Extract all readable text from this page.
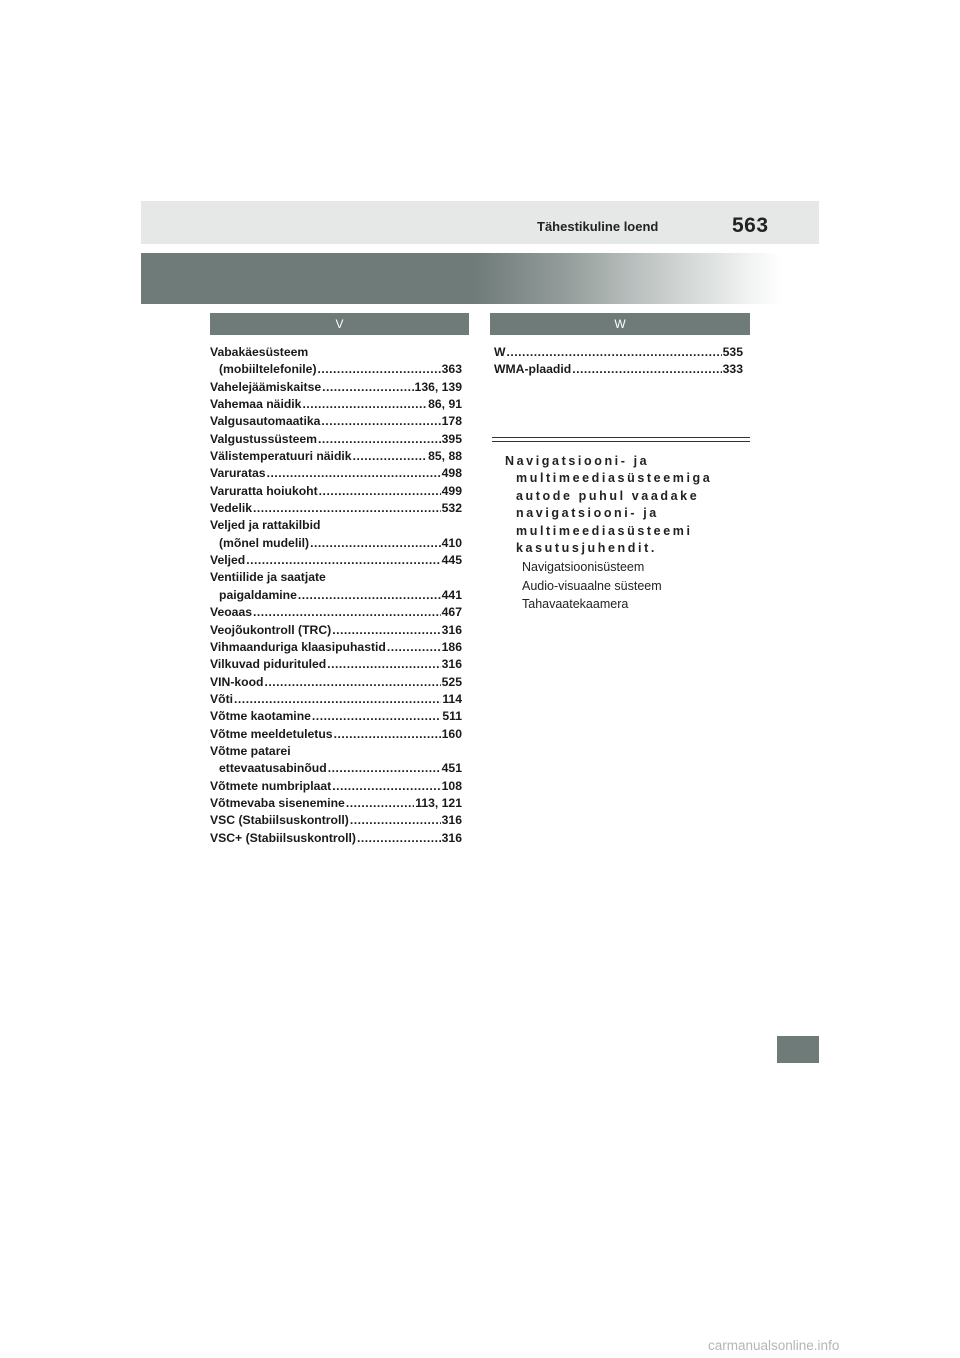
Tähestikuline loend	563
V	W
Vabakäesüsteem
(mobiiltelefonile) .....	363
Vahelejäämiskaitse .....	136, 139
Vahemaa näidik .....	86, 91
Valgusautomaatika .....	178
Valgustussüsteem .....	395
Välistemperatuuri näidik .....	85, 88
Varuratas .....	498
Varuratta hoiukoht .....	499
Vedelik .....	532
Veljed ja rattakilbid
(mõnel mudelil) .....	410
Veljed .....	445
Ventiilide ja saatjate
paigaldamine .....	441
Veoaas .....	467
Veojõukontroll (TRC) .....	316
Vihmaanduriga klaasipuhastid .....	186
Vilkuvad pidurituled .....	316
VIN-kood .....	525
Võti .....	114
Võtme kaotamine .....	511
Võtme meeldetuletus .....	160
Võtme patarei
ettevaatusabinõud .....	451
Võtmete numbriplaat .....	108
Võtmevaba sisenemine .....	113, 121
VSC (Stabiilsuskontroll) .....	316
VSC+ (Stabiilsuskontroll) .....	316
W .....	535
WMA-plaadid .....	333
Navigatsiooni- ja
multimeediasüsteemiga
autode puhul vaadake
navigatsiooni- ja
multimeediasüsteemi
kasutusjuhendit.
Navigatsioonisüsteem
Audio-visuaalne süsteem
Tahavaatekaamera
carmanualsonline.info
